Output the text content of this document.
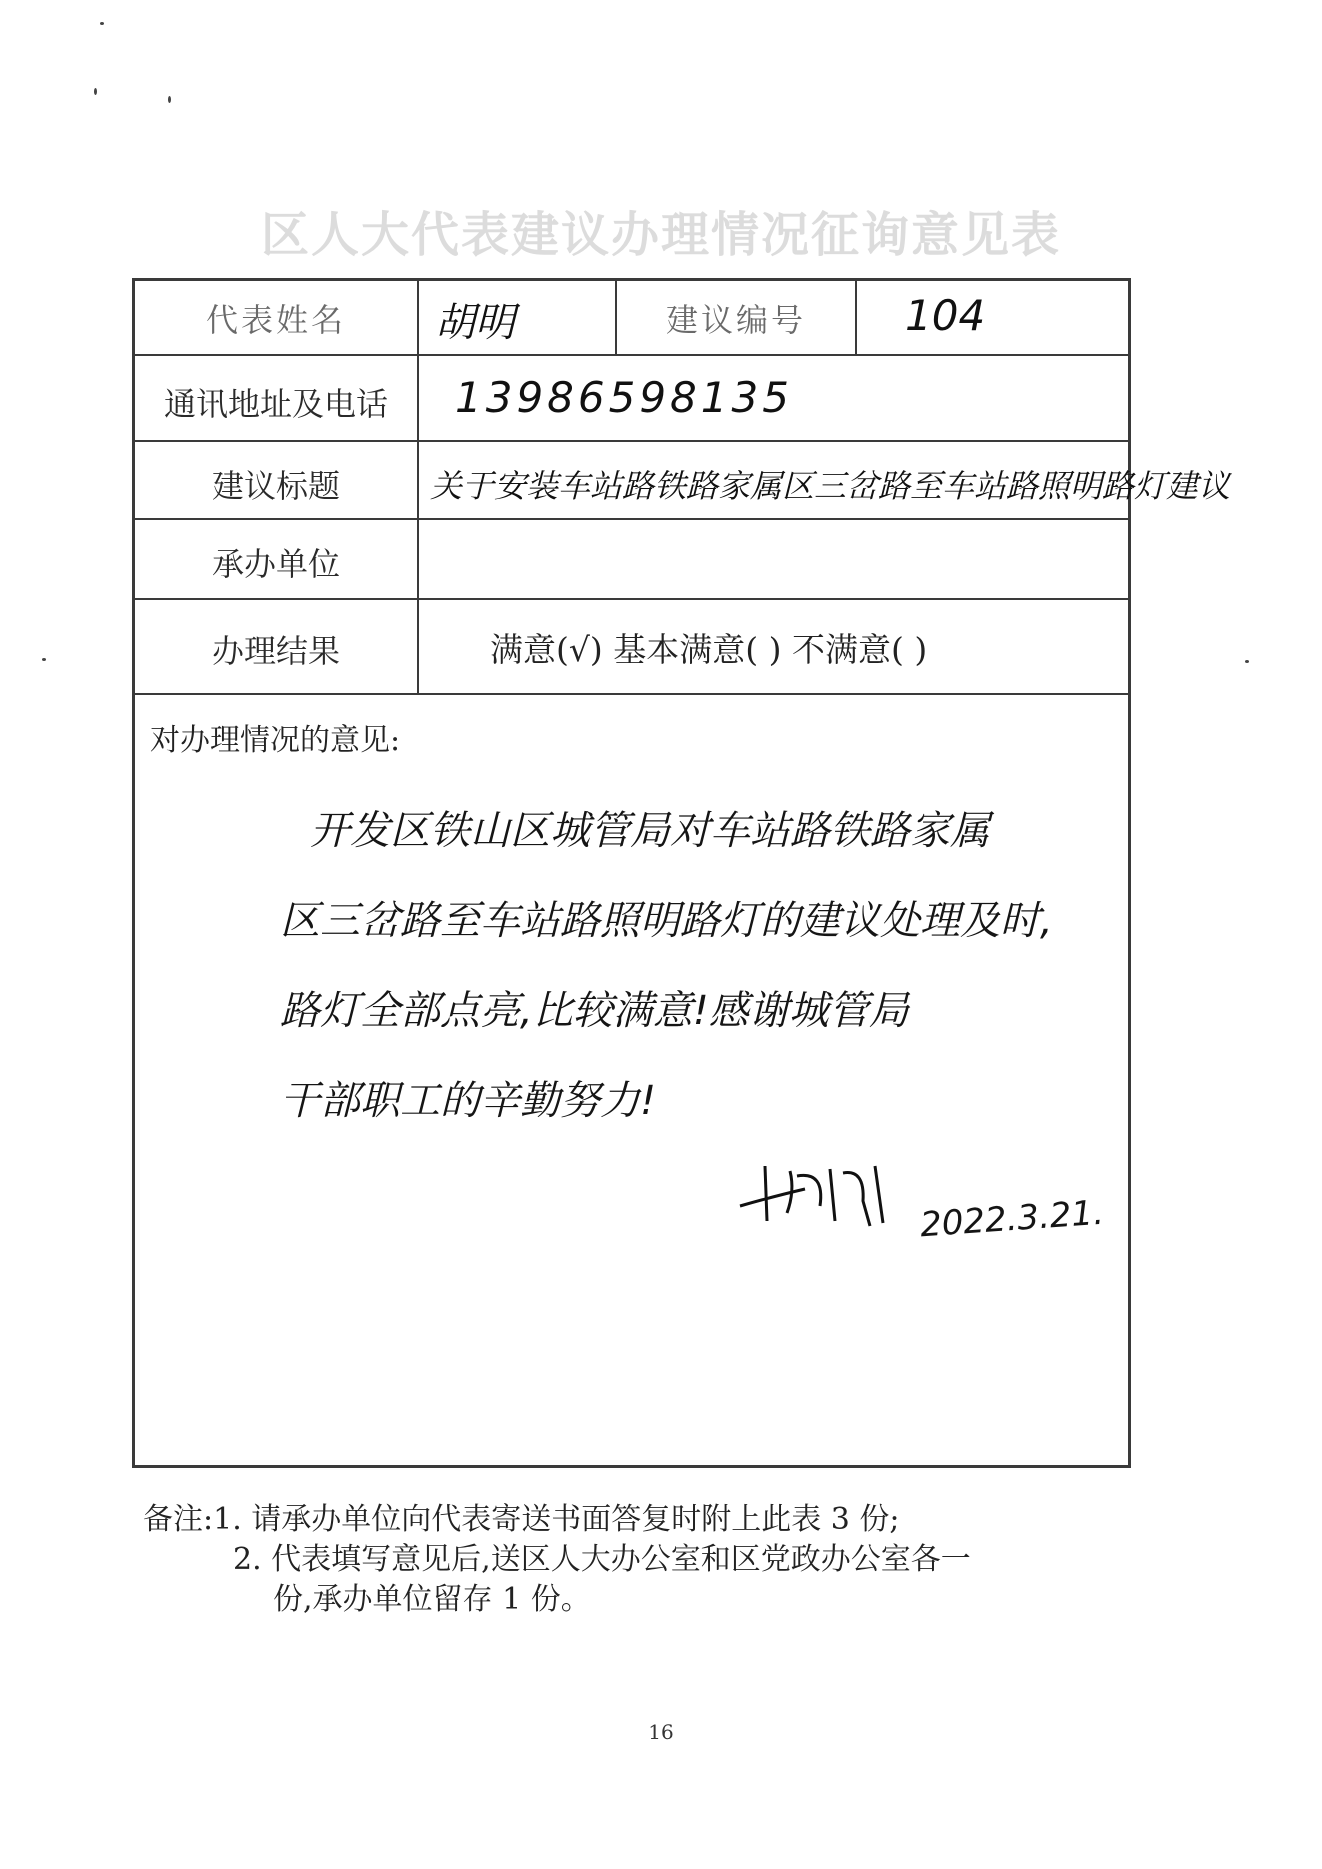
区人大代表建议办理情况征询意见表
代表姓名	胡明	建议编号	104
通讯地址及电话	13986598135
建议标题	关于安装车站路铁路家属区三岔路至车站路照明路灯建议
承办单位
办理结果	满意(√) 基本满意( ) 不满意( )
对办理情况的意见:
开发区铁山区城管局对车站路铁路家属
区三岔路至车站路照明路灯的建议处理及时,
路灯全部点亮,比较满意!感谢城管局
干部职工的辛勤努力!
2022.3.21.
备注:1. 请承办单位向代表寄送书面答复时附上此表 3 份;
2. 代表填写意见后,送区人大办公室和区党政办公室各一
份,承办单位留存 1 份。
16
